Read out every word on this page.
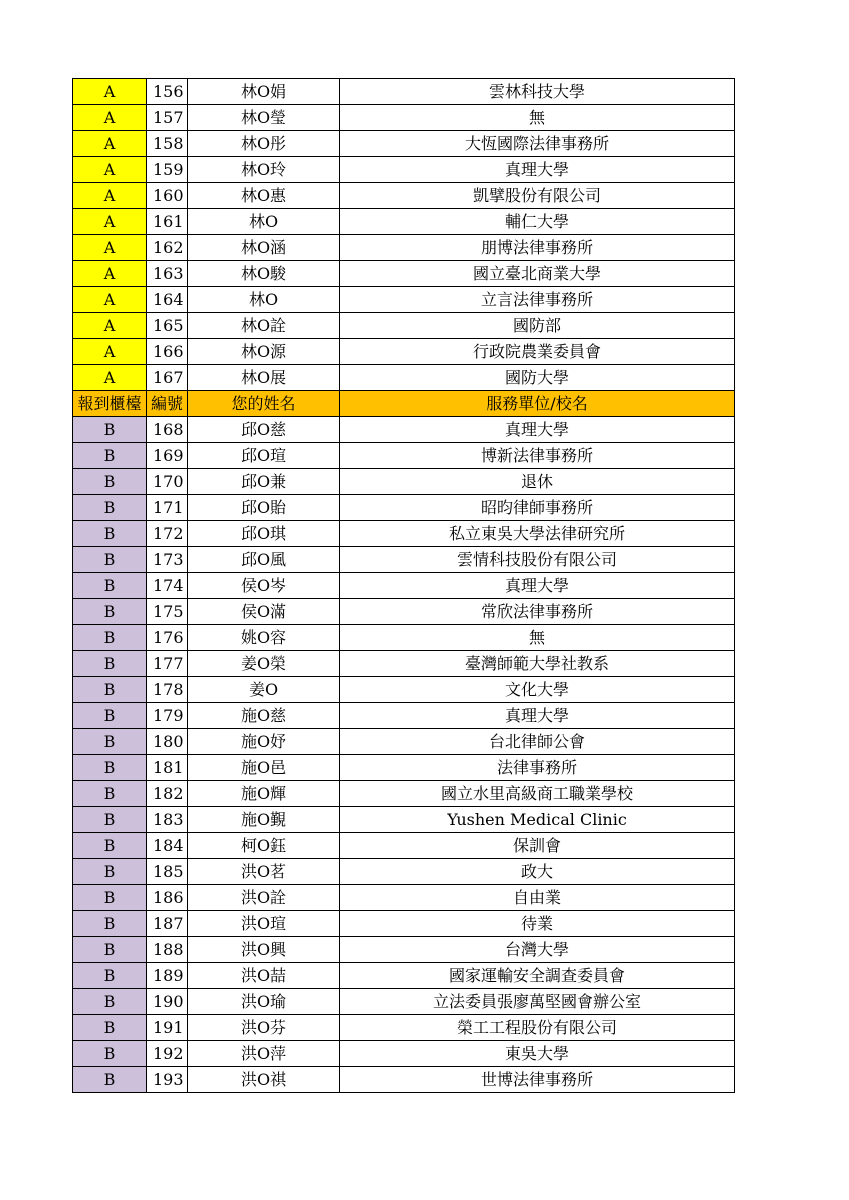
A	156	林O娟	雲林科技大學
A	157	林O瑩	無
A	158	林O彤	大恆國際法律事務所
A	159	林O玲	真理大學
A	160	林O惠	凱擘股份有限公司
A	161	林O	輔仁大學
A	162	林O涵	朋博法律事務所
A	163	林O駿	國立臺北商業大學
A	164	林O	立言法律事務所
A	165	林O詮	國防部
A	166	林O源	行政院農業委員會
A	167	林O展	國防大學
報到櫃檯	編號	您的姓名	服務單位/校名
B	168	邱O慈	真理大學
B	169	邱O瑄	博新法律事務所
B	170	邱O兼	退休
B	171	邱O貽	昭昀律師事務所
B	172	邱O琪	私立東吳大學法律研究所
B	173	邱O風	雲情科技股份有限公司
B	174	侯O岑	真理大學
B	175	侯O滿	常欣法律事務所
B	176	姚O容	無
B	177	姜O榮	臺灣師範大學社教系
B	178	姜O	文化大學
B	179	施O慈	真理大學
B	180	施O妤	台北律師公會
B	181	施O邑	法律事務所
B	182	施O輝	國立水里高級商工職業學校
B	183	施O覲	Yushen Medical Clinic
B	184	柯O鈺	保訓會
B	185	洪O茗	政大
B	186	洪O詮	自由業
B	187	洪O瑄	待業
B	188	洪O興	台灣大學
B	189	洪O喆	國家運輸安全調查委員會
B	190	洪O瑜	立法委員張廖萬堅國會辦公室
B	191	洪O芬	榮工工程股份有限公司
B	192	洪O萍	東吳大學
B	193	洪O祺	世博法律事務所
